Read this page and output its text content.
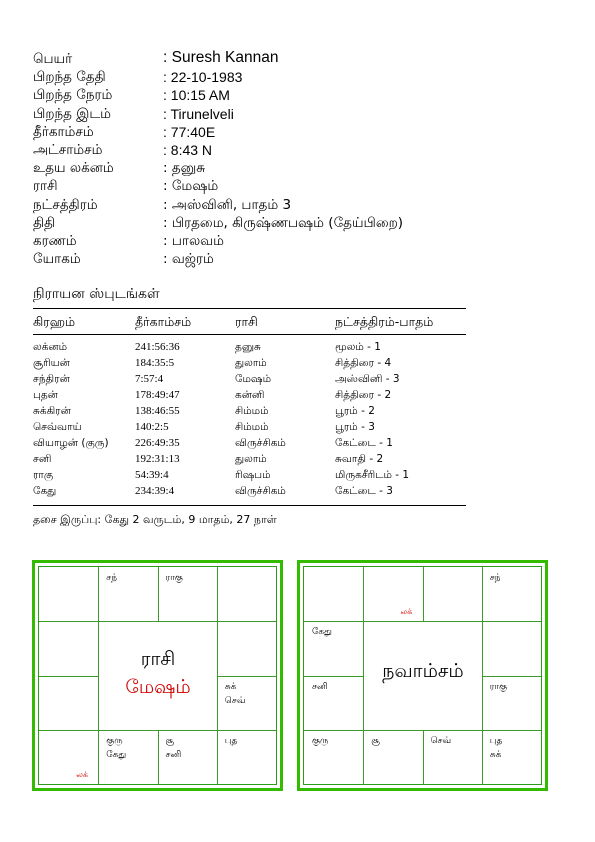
பெயர்	: Suresh Kannan
பிறந்த தேதி	: 22-10-1983
பிறந்த நேரம்	: 10:15 AM
பிறந்த இடம்	: Tirunelveli
தீர்காம்சம்	: 77:40E
அட்சாம்சம்	: 8:43 N
உதய லக்னம்	: தனுசு
ராசி	: மேஷம்
நட்சத்திரம்	: அஸ்வினி, பாதம் 3
திதி	: பிரதமை, கிருஷ்ணபஷம் (தேய்பிறை)
கரணம்	: பாலவம்
யோகம்	: வஜ்ரம்
நிராயன ஸ்புடங்கள்
கிரஹம்	தீர்காம்சம்	ராசி	நட்சத்திரம்-பாதம்
லக்னம்	241:56:36	தனுசு	மூலம் - 1
சூரியன்	184:35:5	துலாம்	சித்திரை - 4
சந்திரன்	7:57:4	மேஷம்	அஸ்வினி - 3
புதன்	178:49:47	கன்னி	சித்திரை - 2
சுக்கிரன்	138:46:55	சிம்மம்	பூரம் - 2
செவ்வாய்	140:2:5	சிம்மம்	பூரம் - 3
வியாழன் (குரு) 226:49:35	விருச்சிகம்	கேட்டை - 1
சனி	192:31:13	துலாம்	சுவாதி - 2
ராகு	54:39:4	ரிஷபம்	மிருகசீரிடம் - 1
கேது	234:39:4	விருச்சிகம்	கேட்டை - 3
தசை இருப்பு: கேது 2 வருடம், 9 மாதம், 27 நாள்
ராசி
மேஷம்
சந்	ராகு
சுக்
செவ்
குரு
கேது
சூ
சனி
புத
லக்
நவாம்சம்
சந்
கேது
சனி	ராகு
குரு	சூ	செவ்	புத
சுக்
லக்
